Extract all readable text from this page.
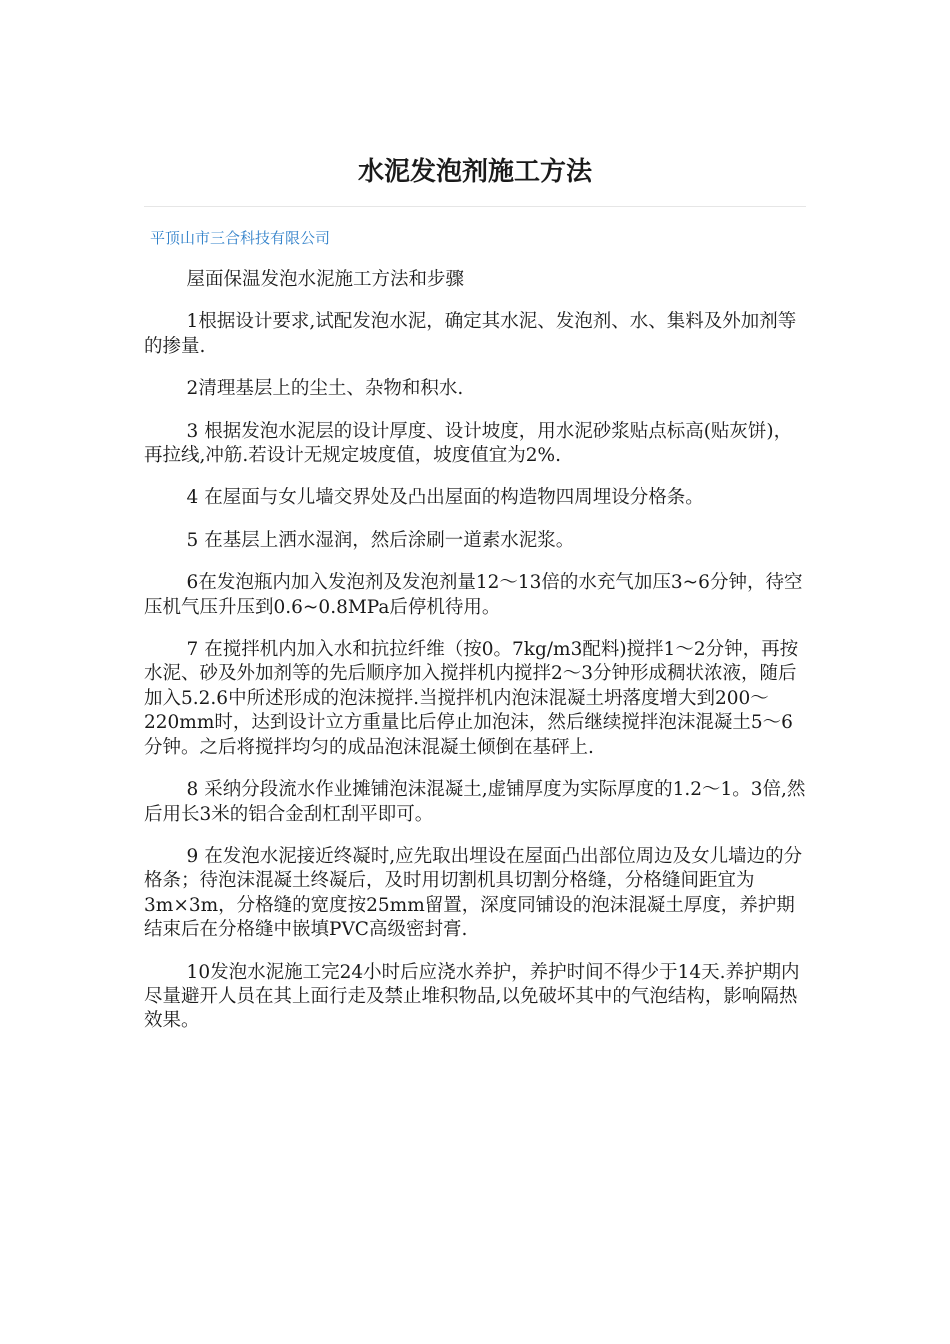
水泥发泡剂施工方法
平顶山市三合科技有限公司

屋面保温发泡水泥施工方法和步骤

1根据设计要求,试配发泡水泥，确定其水泥、发泡剂、水、集料及外加剂等的掺量.

2清理基层上的尘土、杂物和积水.

3 根据发泡水泥层的设计厚度、设计坡度，用水泥砂浆贴点标高(贴灰饼)，再拉线,冲筋.若设计无规定坡度值，坡度值宜为2%.

4 在屋面与女儿墙交界处及凸出屋面的构造物四周埋设分格条。

5 在基层上洒水湿润，然后涂刷一道素水泥浆。

6在发泡瓶内加入发泡剂及发泡剂量12～13倍的水充气加压3~6分钟，待空压机气压升压到0.6~0.8MPa后停机待用。

7 在搅拌机内加入水和抗拉纤维（按0。7kg/m3配料)搅拌1～2分钟，再按水泥、砂及外加剂等的先后顺序加入搅拌机内搅拌2～3分钟形成稠状浓液，随后加入5.2.6中所述形成的泡沫搅拌.当搅拌机内泡沫混凝土坍落度增大到200～220mm时，达到设计立方重量比后停止加泡沫，然后继续搅拌泡沫混凝土5～6分钟。之后将搅拌均匀的成品泡沫混凝土倾倒在基砰上.

8 采纳分段流水作业摊铺泡沫混凝土,虚铺厚度为实际厚度的1.2～1。3倍,然后用长3米的铝合金刮杠刮平即可。

9 在发泡水泥接近终凝时,应先取出埋设在屋面凸出部位周边及女儿墙边的分格条；待泡沫混凝土终凝后，及时用切割机具切割分格缝，分格缝间距宜为3m×3m，分格缝的宽度按25mm留置，深度同铺设的泡沫混凝土厚度，养护期结束后在分格缝中嵌填PVC高级密封膏.

10发泡水泥施工完24小时后应浇水养护，养护时间不得少于14天.养护期内尽量避开人员在其上面行走及禁止堆积物品,以免破坏其中的气泡结构，影响隔热效果。
